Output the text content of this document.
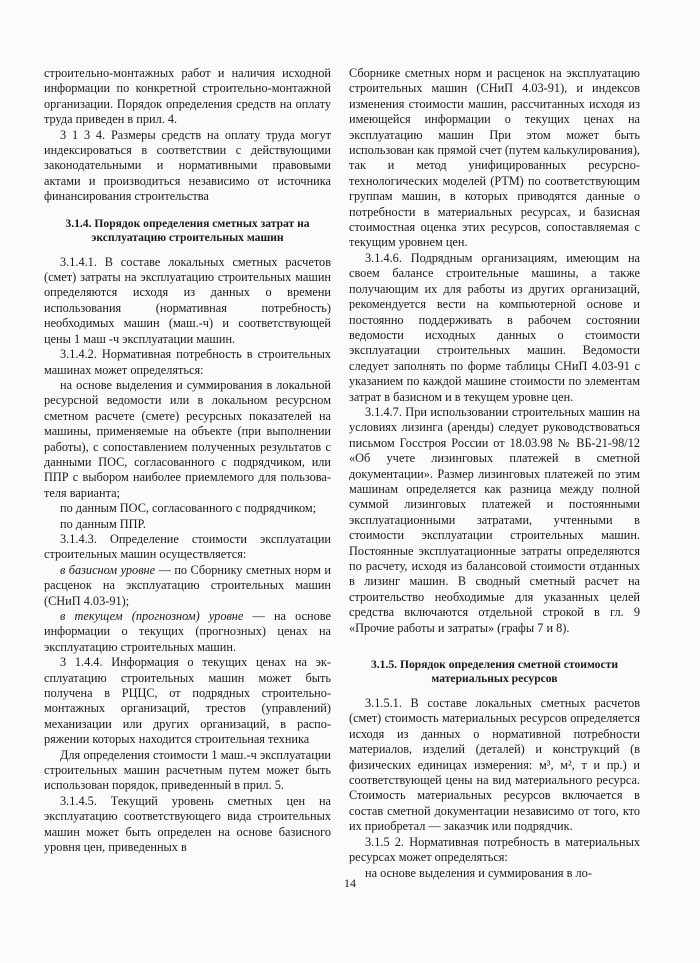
строительно-монтажных работ и наличия исходной информации по конкретной строительно-монтажной организации. Порядок определения средств на оплату труда приведен в прил. 4.

3 1 3 4. Размеры средств на оплату труда могут индексироваться в соответствии с действующими законодательными и нормативными правовыми актами и производиться независимо от источника финансирования строительства

3.1.4. Порядок определения сметных затрат на
эксплуатацию строительных машин

3.1.4.1. В составе локальных сметных расчетов (смет) затраты на эксплуатацию строительных машин определяются исходя из данных о времени использования (нормативная потребность) необходимых машин (маш.-ч) и соответствующей цены 1 маш -ч эксплуатации машин.

3.1.4.2. Нормативная потребность в строительных машинах может определяться:

на основе выделения и суммирования в локальной ресурсной ведомости или в локальном ресурсном сметном расчете (смете) ресурсных показателей на машины, применяемые на объекте (при выполнении работы), с сопоставлением полученных результатов с данными ПОС, согласованного с подрядчиком, или ППР с выбором наиболее приемлемого для пользователя варианта;

по данным ПОС, согласованного с подрядчиком;

по данным ППР.

3.1.4.3. Определение стоимости эксплуатации строительных машин осуществляется:

в базисном уровне — по Сборнику сметных норм и расценок на эксплуатацию строительных машин (СНиП 4.03-91);

в текущем (прогнозном) уровне — на основе информации о текущих (прогнозных) ценах на эксплуатацию строительных машин.

3 1.4.4. Информация о текущих ценах на эксплуатацию строительных машин может быть получена в РЦЦС, от подрядных строительно-монтажных организаций, трестов (управлений) механизации или других организаций, в распоряжении которых находится строительная техника

Для определения стоимости 1 маш.-ч эксплуатации строительных машин расчетным путем может быть использован порядок, приведенный в прил. 5.

3.1.4.5. Текущий уровень сметных цен на эксплуатацию соответствующего вида строительных машин может быть определен на основе базисного уровня цен, приведенных в

Сборнике сметных норм и расценок на эксплуатацию строительных машин (СНиП 4.03-91), и индексов изменения стоимости машин, рассчитанных исходя из имеющейся информации о текущих ценах на эксплуатацию машин При этом может быть использован как прямой счет (путем калькулирования), так и метод унифицированных ресурсно-технологических моделей (РТМ) по соответствующим группам машин, в которых приводятся данные о потребности в материальных ресурсах, и базисная стоимостная оценка этих ресурсов, сопоставляемая с текущим уровнем цен.

3.1.4.6. Подрядным организациям, имеющим на своем балансе строительные машины, а также получающим их для работы из других организаций, рекомендуется вести на компьютерной основе и постоянно поддерживать в рабочем состоянии ведомости исходных данных о стоимости эксплуатации строительных машин. Ведомости следует заполнять по форме таблицы СНиП 4.03-91 с указанием по каждой машине стоимости по элементам затрат в базисном и в текущем уровне цен.

3.1.4.7. При использовании строительных машин на условиях лизинга (аренды) следует руководствоваться письмом Госстроя России от 18.03.98 № ВБ-21-98/12 «Об учете лизинговых платежей в сметной документации». Размер лизинговых платежей по этим машинам определяется как разница между полной суммой лизинговых платежей и постоянными эксплуатационными затратами, учтенными в стоимости эксплуатации строительных машин. Постоянные эксплуатационные затраты определяются по расчету, исходя из балансовой стоимости отданных в лизинг машин. В сводный сметный расчет на строительство необходимые для указанных целей средства включаются отдельной строкой в гл. 9 «Прочие работы и затраты» (графы 7 и 8).

3.1.5. Порядок определения сметной стоимости
материальных ресурсов

3.1.5.1. В составе локальных сметных расчетов (смет) стоимость материальных ресурсов определяется исходя из данных о нормативной потребности материалов, изделий (деталей) и конструкций (в физических единицах измерения: м³, м², т и пр.) и соответствующей цены на вид материального ресурса. Стоимость материальных ресурсов включается в состав сметной документации независимо от того, кто их приобретал — заказчик или подрядчик.

3.1.5 2. Нормативная потребность в материальных ресурсах может определяться:

на основе выделения и суммирования в ло-

14
